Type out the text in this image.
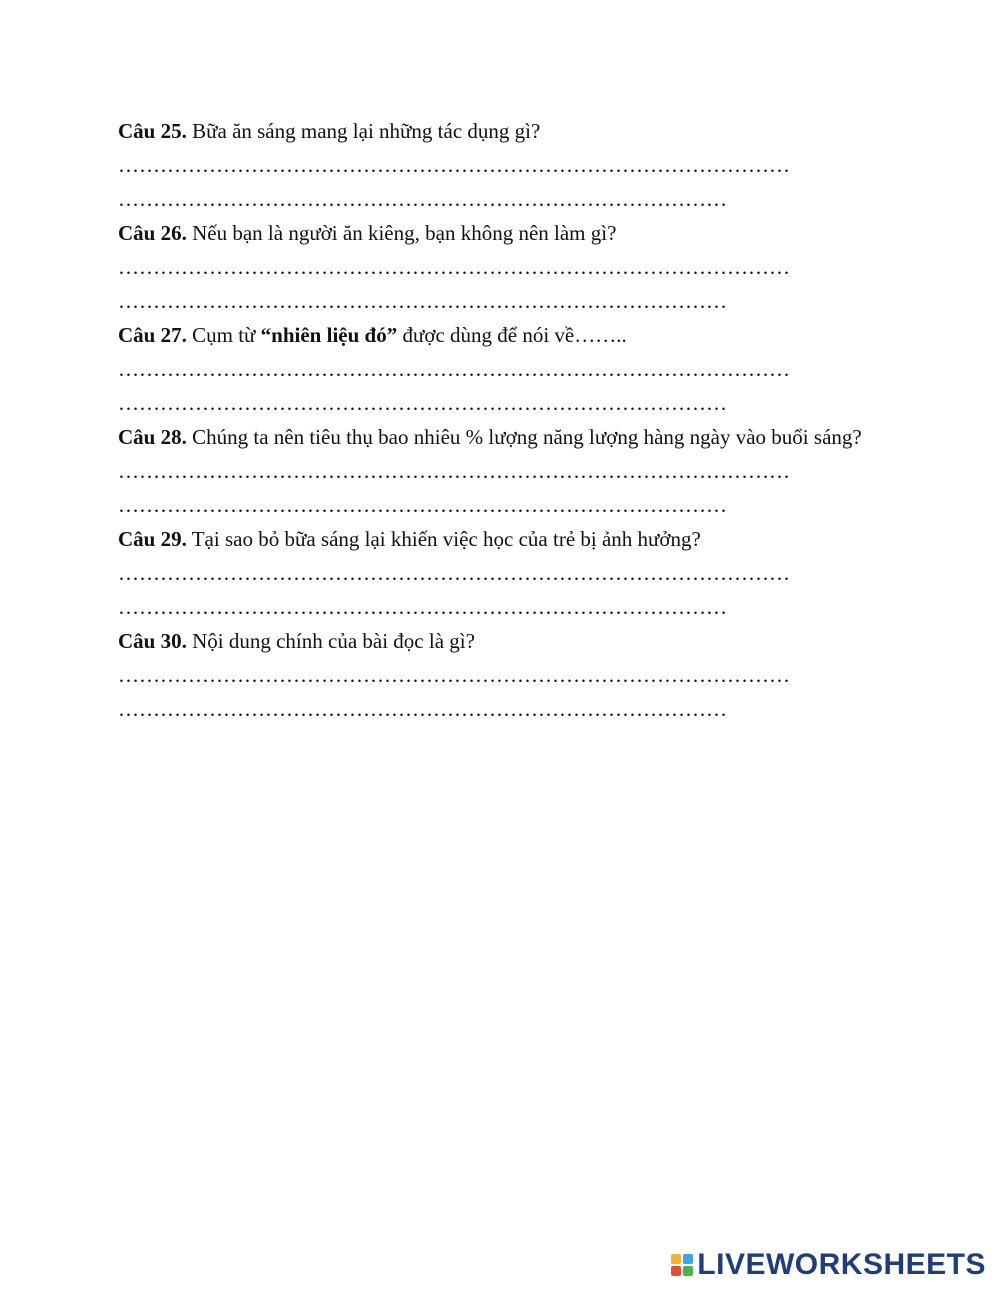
Câu 25. Bữa ăn sáng mang lại những tác dụng gì?

……………………………………………………………………………………
……………………………………………………………………………

Câu 26. Nếu bạn là người ăn kiêng, bạn không nên làm gì?

……………………………………………………………………………………
……………………………………………………………………………

Câu 27. Cụm từ “nhiên liệu đó” được dùng để nói về……..

……………………………………………………………………………………
……………………………………………………………………………

Câu 28. Chúng ta nên tiêu thụ bao nhiêu % lượng năng lượng hàng ngày vào buổi sáng?

……………………………………………………………………………………
……………………………………………………………………………

Câu 29. Tại sao bỏ bữa sáng lại khiến việc học của trẻ bị ảnh hưởng?

……………………………………………………………………………………
……………………………………………………………………………

Câu 30. Nội dung chính của bài đọc là gì?

……………………………………………………………………………………
……………………………………………………………………………
LIVEWORKSHEETS
